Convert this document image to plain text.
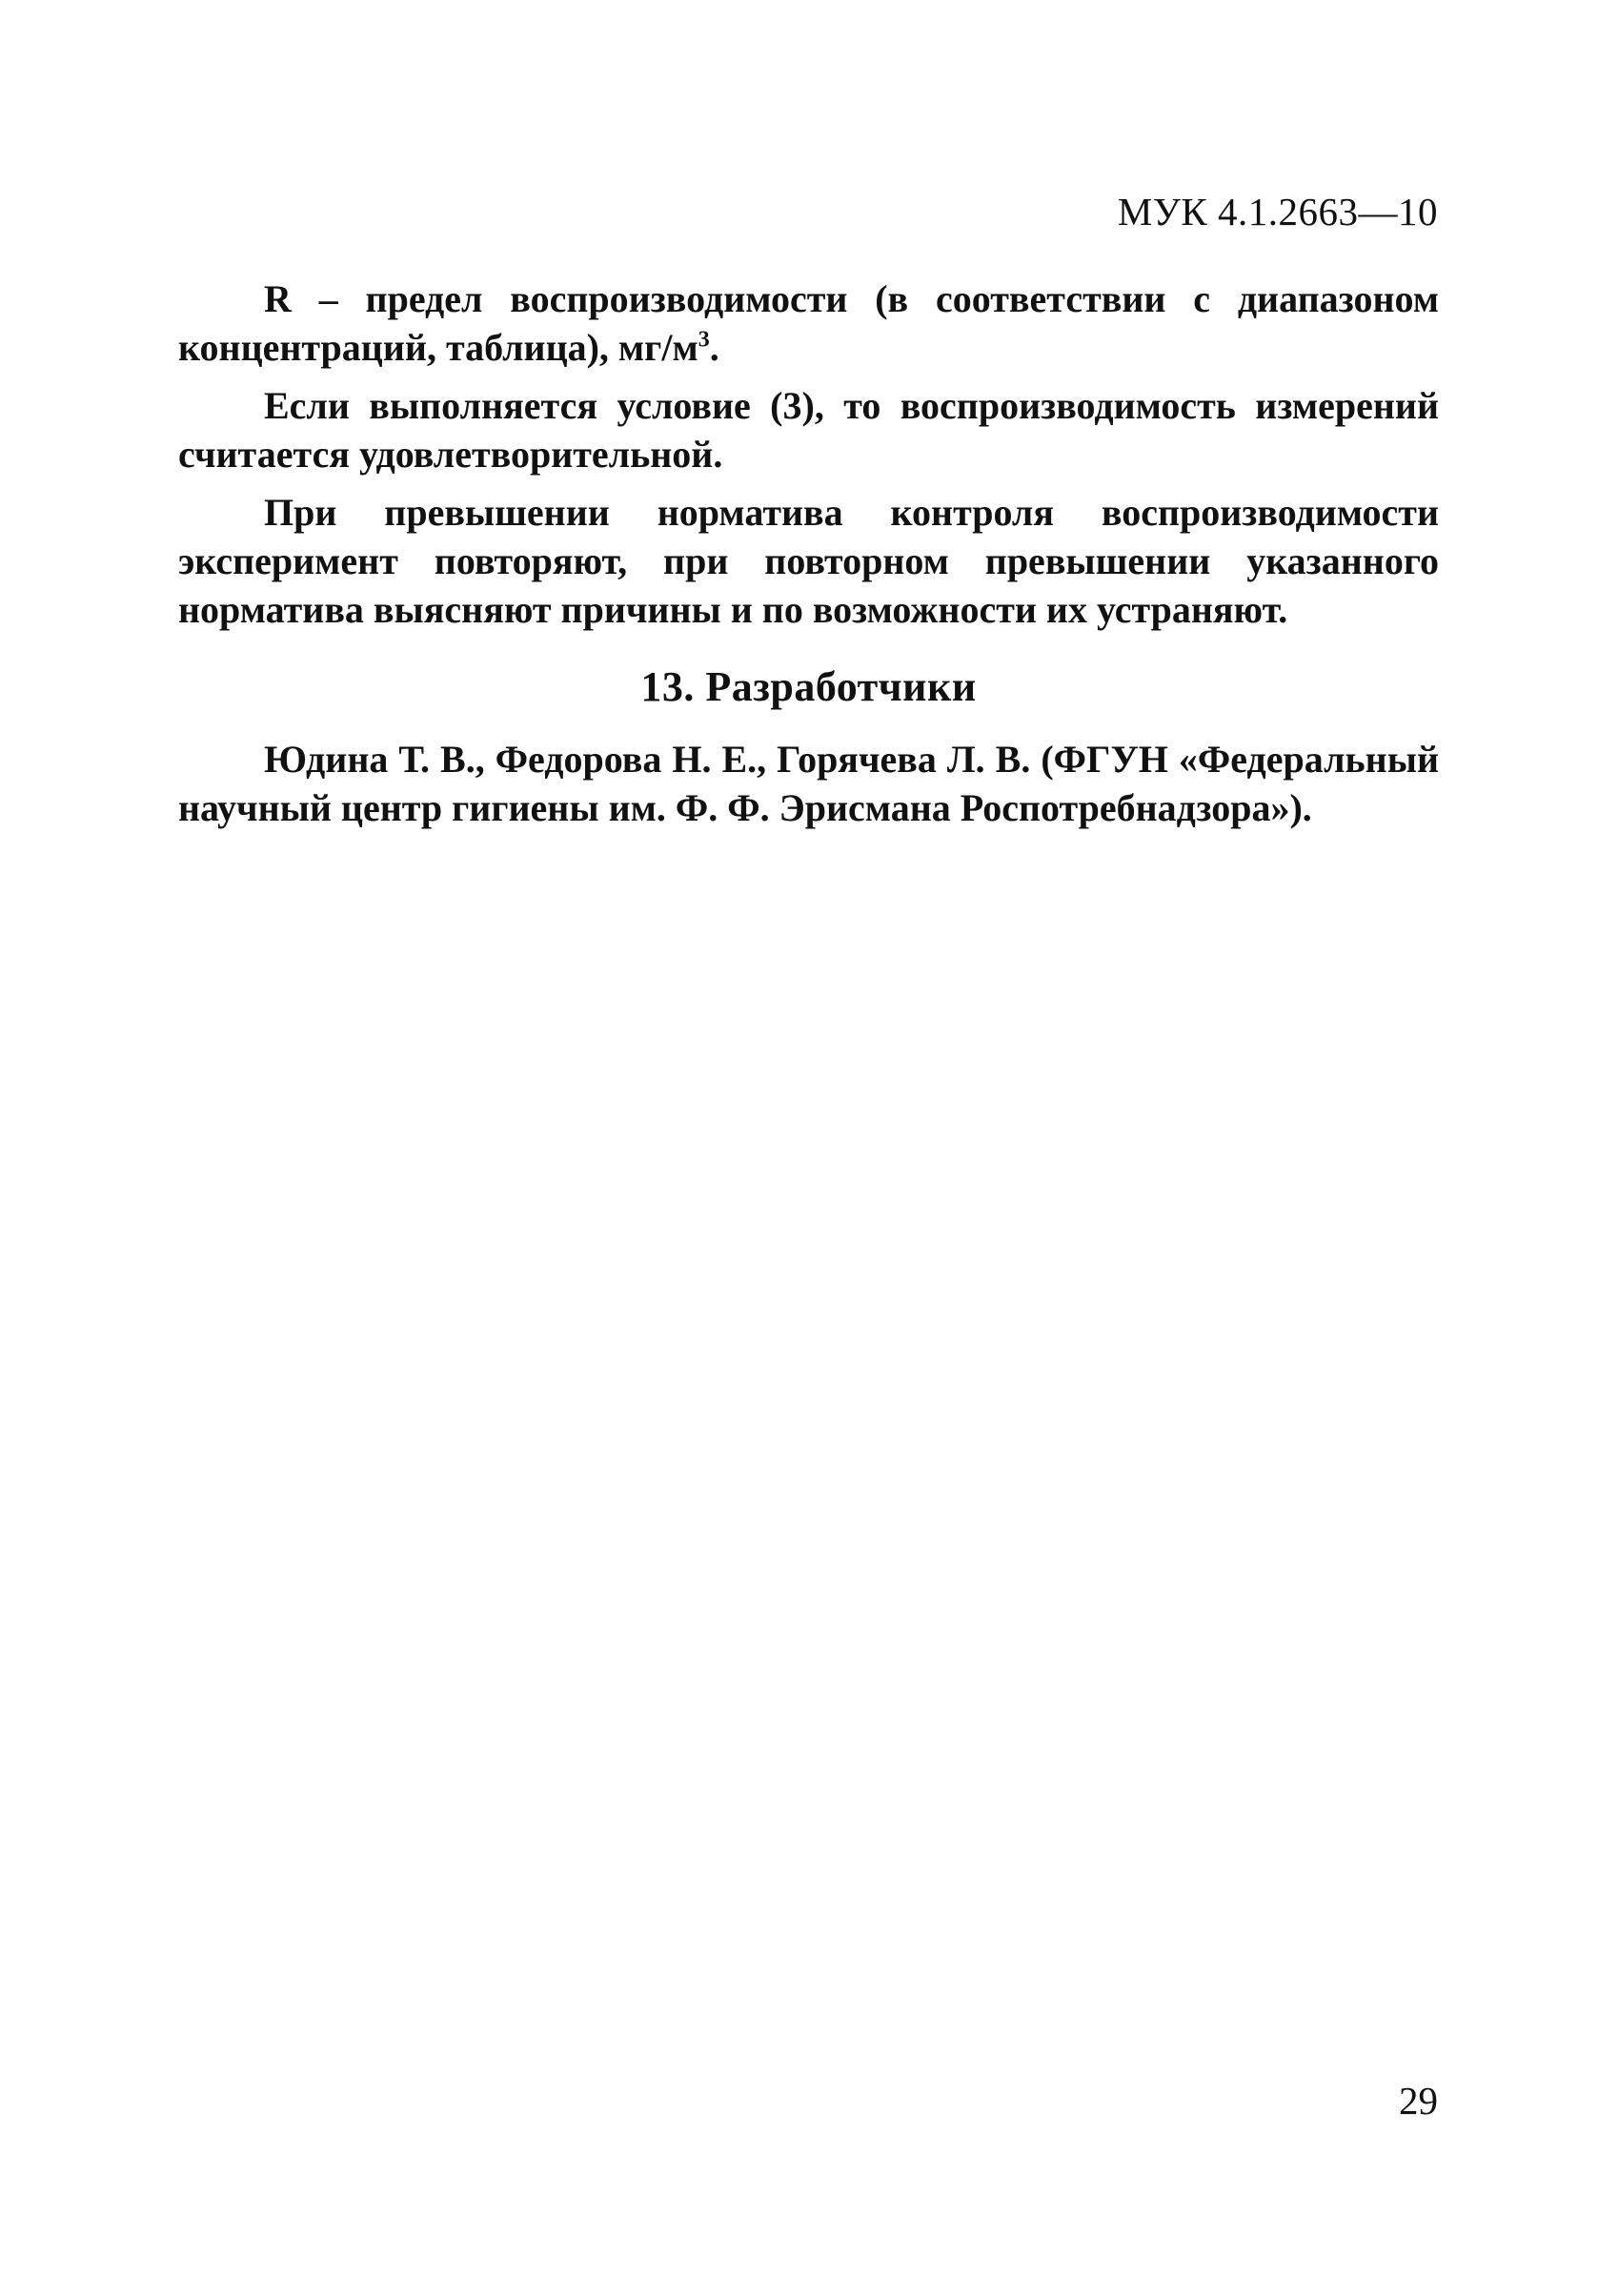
МУК 4.1.2663—10

R – предел воспроизводимости (в соответствии с диапазоном концентраций, таблица), $мг/м^3$.

Если выполняется условие (3), то воспроизводимость измерений считается удовлетворительной.

При превышении норматива контроля воспроизводимости эксперимент повторяют, при повторном превышении указанного норматива выясняют причины и по возможности их устраняют.

13. Разработчики

Юдина Т. В., Федорова Н. Е., Горячева Л. В. (ФГУН «Федеральный научный центр гигиены им. Ф. Ф. Эрисмана Роспотребнадзора»).

29
